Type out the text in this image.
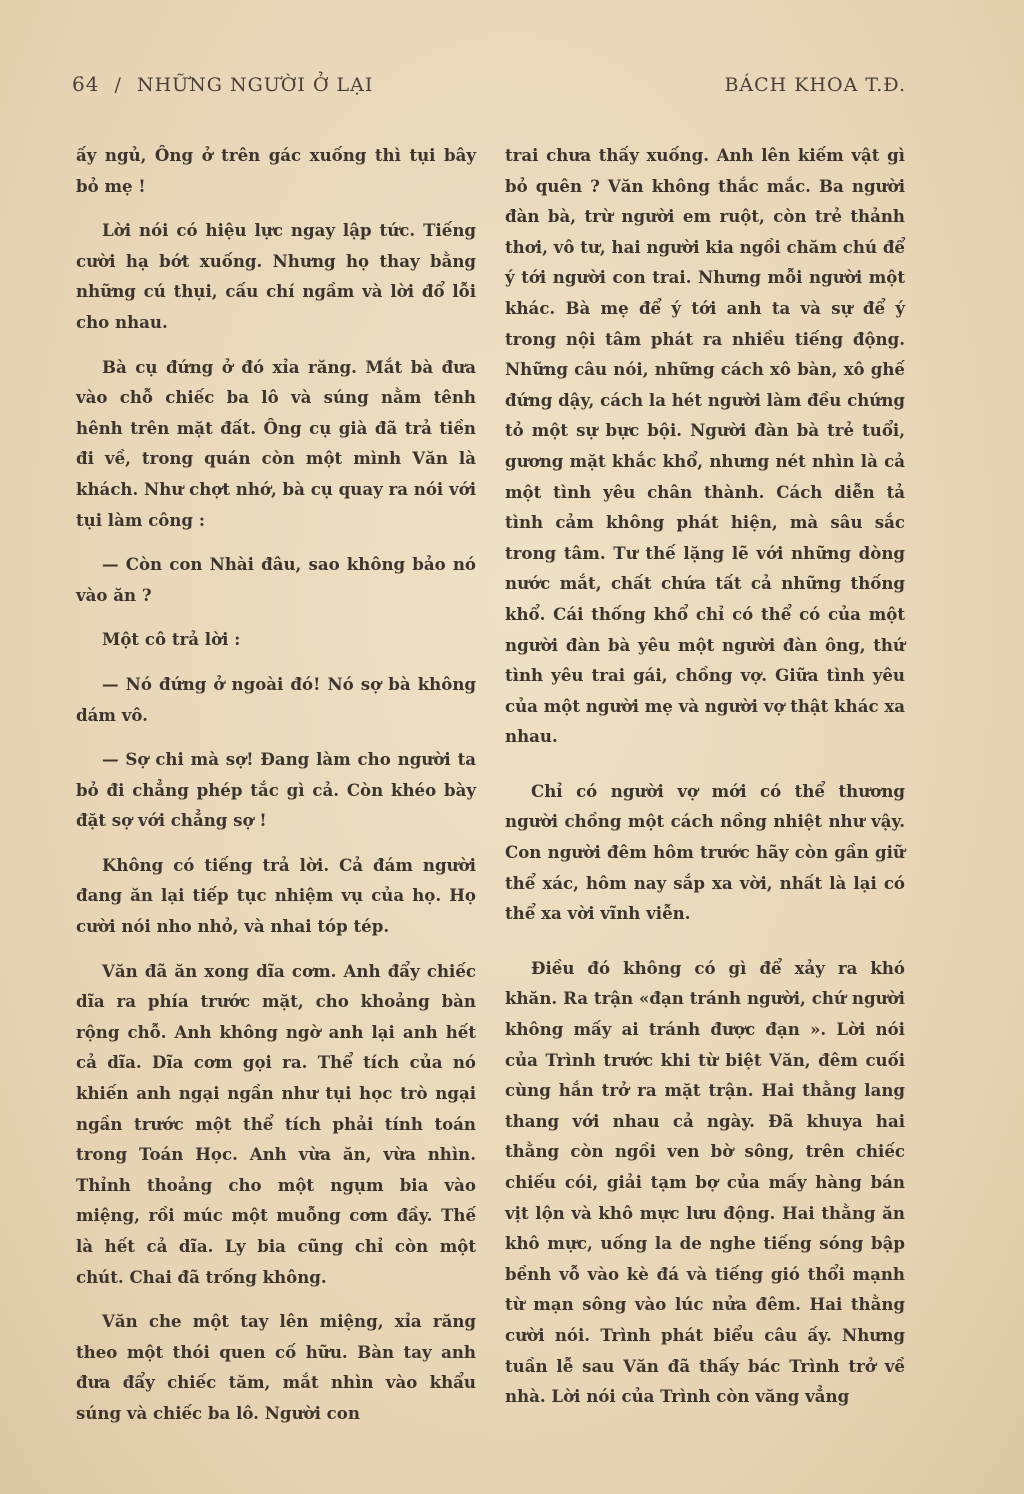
64 / NHỮNG NGƯỜI Ở LẠI	BÁCH KHOA T.Đ.

ấy ngủ, Ông ở trên gác xuống thì tụi bây bỏ mẹ !

Lời nói có hiệu lực ngay lập tức. Tiếng cười hạ bớt xuống. Nhưng họ thay bằng những cú thụi, cấu chí ngầm và lời đổ lỗi cho nhau.

Bà cụ đứng ở đó xỉa răng. Mắt bà đưa vào chỗ chiếc ba lô và súng nằm tênh hênh trên mặt đất. Ông cụ già đã trả tiền đi về, trong quán còn một mình Văn là khách. Như chợt nhớ, bà cụ quay ra nói với tụi làm công :

— Còn con Nhài đâu, sao không bảo nó vào ăn ?

Một cô trả lời :

— Nó đứng ở ngoài đó! Nó sợ bà không dám vô.

— Sợ chi mà sợ! Đang làm cho người ta bỏ đi chẳng phép tắc gì cả. Còn khéo bày đặt sợ với chẳng sợ !

Không có tiếng trả lời. Cả đám người đang ăn lại tiếp tục nhiệm vụ của họ. Họ cười nói nho nhỏ, và nhai tóp tép.

Văn đã ăn xong dĩa cơm. Anh đẩy chiếc dĩa ra phía trước mặt, cho khoảng bàn rộng chỗ. Anh không ngờ anh lại anh hết cả dĩa. Dĩa cơm gọi ra. Thể tích của nó khiến anh ngại ngần như tụi học trò ngại ngần trước một thể tích phải tính toán trong Toán Học. Anh vừa ăn, vừa nhìn. Thỉnh thoảng cho một ngụm bia vào miệng, rồi múc một muỗng cơm đầy. Thế là hết cả dĩa. Ly bia cũng chỉ còn một chút. Chai đã trống không.

Văn che một tay lên miệng, xỉa răng theo một thói quen cố hữu. Bàn tay anh đưa đẩy chiếc tăm, mắt nhìn vào khẩu súng và chiếc ba lô. Người con

trai chưa thấy xuống. Anh lên kiếm vật gì bỏ quên ? Văn không thắc mắc. Ba người đàn bà, trừ người em ruột, còn trẻ thảnh thơi, vô tư, hai người kia ngồi chăm chú để ý tới người con trai. Nhưng mỗi người một khác. Bà mẹ để ý tới anh ta và sự để ý trong nội tâm phát ra nhiều tiếng động. Những câu nói, những cách xô bàn, xô ghế đứng dậy, cách la hét người làm đều chứng tỏ một sự bực bội. Người đàn bà trẻ tuổi, gương mặt khắc khổ, nhưng nét nhìn là cả một tình yêu chân thành. Cách diễn tả tình cảm không phát hiện, mà sâu sắc trong tâm. Tư thế lặng lẽ với những dòng nước mắt, chất chứa tất cả những thống khổ. Cái thống khổ chỉ có thể có của một người đàn bà yêu một người đàn ông, thứ tình yêu trai gái, chồng vợ. Giữa tình yêu của một người mẹ và người vợ thật khác xa nhau.

Chỉ có người vợ mới có thể thương người chồng một cách nồng nhiệt như vậy. Con người đêm hôm trước hãy còn gần giữ thể xác, hôm nay sắp xa vời, nhất là lại có thể xa vời vĩnh viễn.

Điều đó không có gì để xảy ra khó khăn. Ra trận «đạn tránh người, chứ người không mấy ai tránh được đạn ». Lời nói của Trình trước khi từ biệt Văn, đêm cuối cùng hắn trở ra mặt trận. Hai thằng lang thang với nhau cả ngày. Đã khuya hai thằng còn ngồi ven bờ sông, trên chiếc chiếu cói, giải tạm bợ của mấy hàng bán vịt lộn và khô mực lưu động. Hai thằng ăn khô mực, uống la de nghe tiếng sóng bập bềnh vỗ vào kè đá và tiếng gió thổi mạnh từ mạn sông vào lúc nửa đêm. Hai thằng cười nói. Trình phát biểu câu ấy. Nhưng tuần lễ sau Văn đã thấy bác Trình trở về nhà. Lời nói của Trình còn văng vẳng
